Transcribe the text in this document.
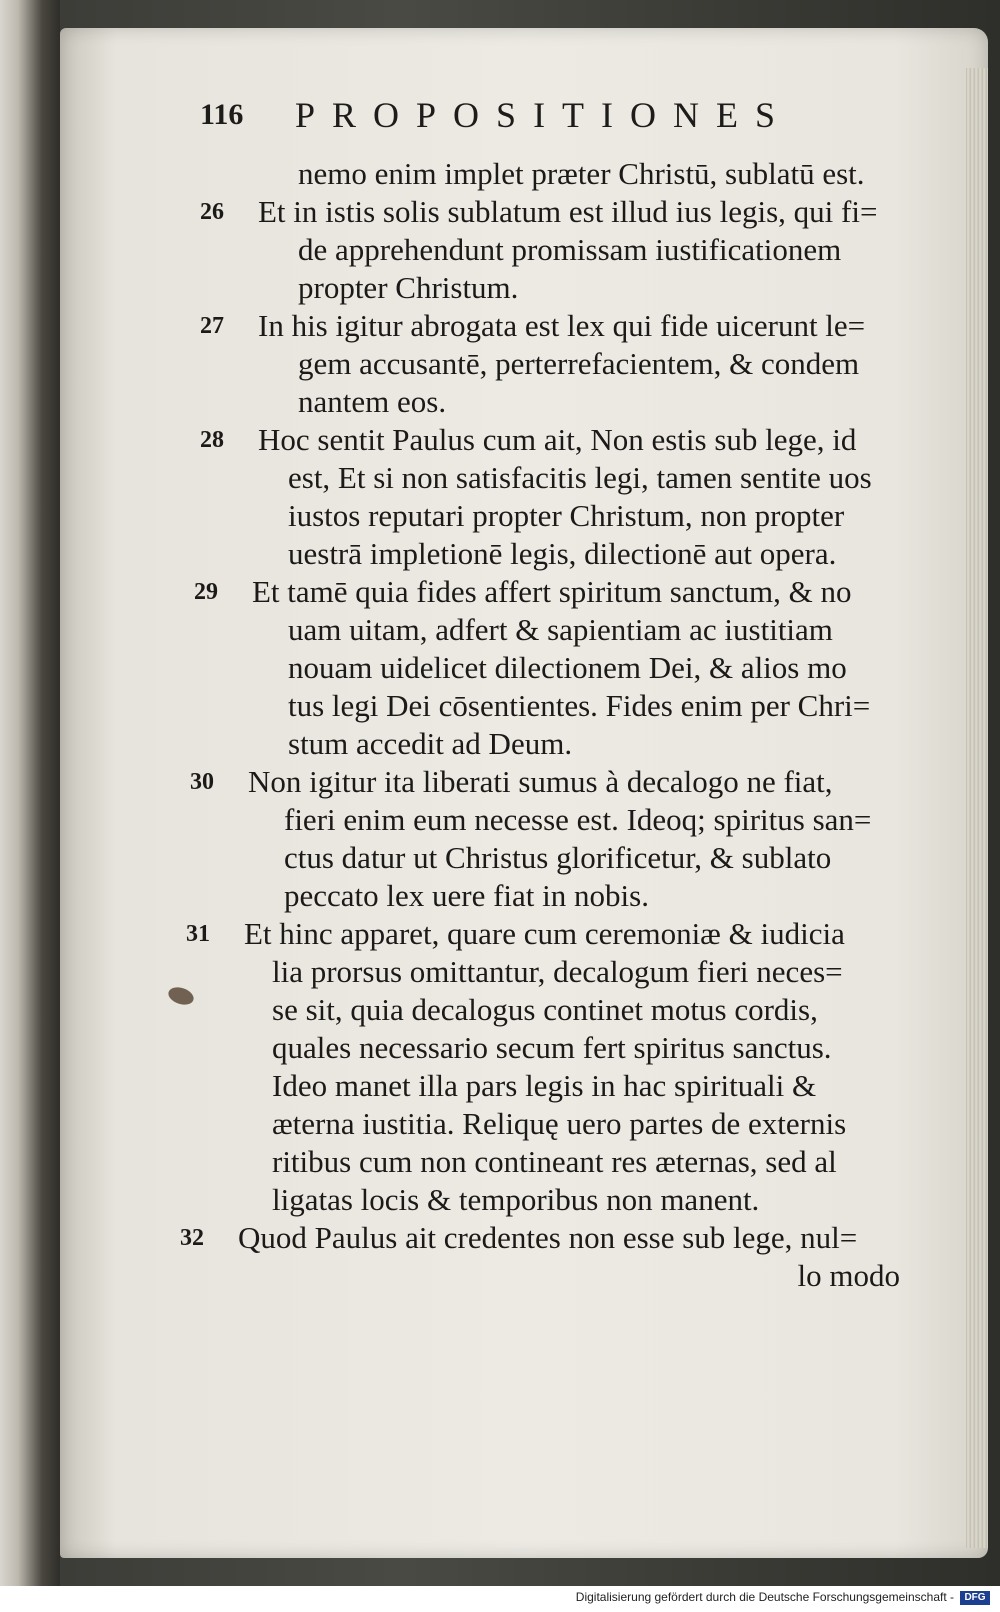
116 PROPOSITIONES

nemo enim implet præter Christū, sublatū est.

26 Et in istis solis sublatum est illud ius legis, qui fi=
de apprehendunt promissam iustificationem
propter Christum.

27 In his igitur abrogata est lex qui fide uicerunt le=
gem accusantē, perterrefacientem, & condem
nantem eos.

28 Hoc sentit Paulus cum ait, Non estis sub lege, id
est, Et si non satisfacitis legi, tamen sentite uos
iustos reputari propter Christum, non propter
uestrā impletionē legis, dilectionē aut opera.

29 Et tamē quia fides affert spiritum sanctum, & no
uam uitam, adfert & sapientiam ac iustitiam
nouam uidelicet dilectionem Dei, & alios mo
tus legi Dei cōsentientes. Fides enim per Chri=
stum accedit ad Deum.

30 Non igitur ita liberati sumus à decalogo ne fiat,
fieri enim eum necesse est. Ideoq; spiritus san=
ctus datur ut Christus glorificetur, & sublato
peccato lex uere fiat in nobis.

31 Et hinc apparet, quare cum ceremoniæ & iudicia
lia prorsus omittantur, decalogum fieri neces=
se sit, quia decalogus continet motus cordis,
quales necessario secum fert spiritus sanctus.
Ideo manet illa pars legis in hac spirituali &
æterna iustitia. Reliquę uero partes de externis
ritibus cum non contineant res æternas, sed al
ligatas locis & temporibus non manent.

32 Quod Paulus ait credentes non esse sub lege, nul=

lo modo
Digitalisierung gefördert durch die Deutsche Forschungsgemeinschaft -	DFG
